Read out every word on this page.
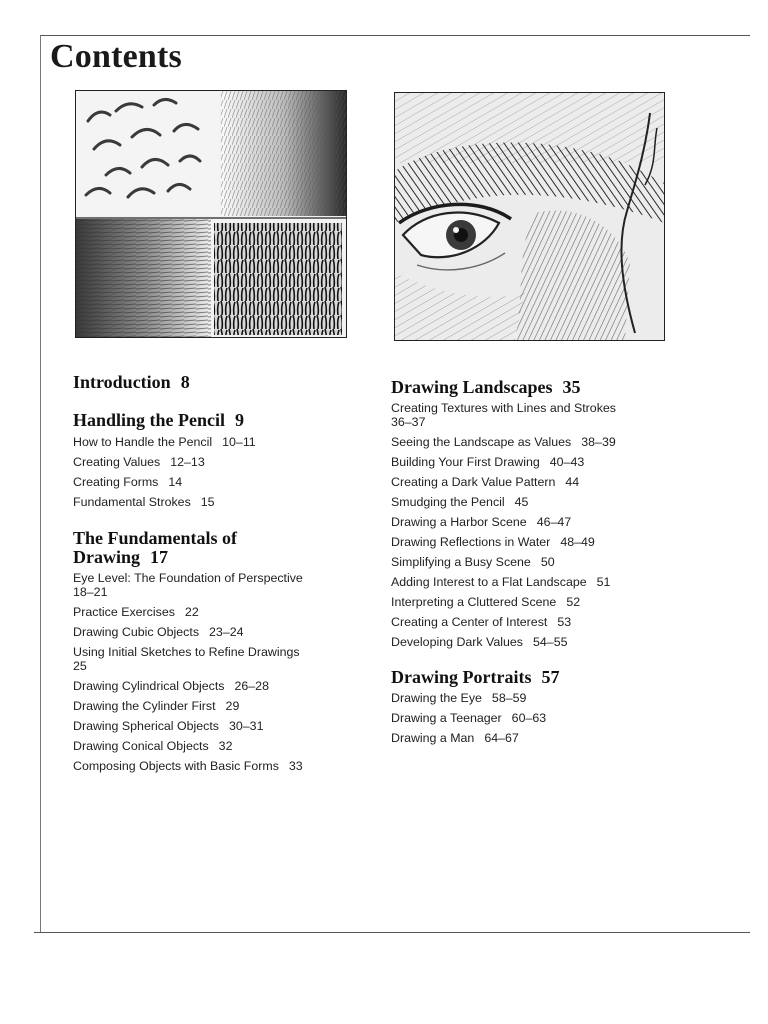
Contents
Introduction 8
Handling the Pencil 9

How to Handle the Pencil 10–11

Creating Values 12–13

Creating Forms 14

Fundamental Strokes 15

The Fundamentals of
Drawing 17

Eye Level: The Foundation of Perspective
18–21

Practice Exercises 22

Drawing Cubic Objects 23–24

Using Initial Sketches to Refine Drawings
25

Drawing Cylindrical Objects 26–28

Drawing the Cylinder First 29

Drawing Spherical Objects 30–31

Drawing Conical Objects 32

Composing Objects with Basic Forms 33

Drawing Landscapes 35

Creating Textures with Lines and Strokes
36–37

Seeing the Landscape as Values 38–39

Building Your First Drawing 40–43

Creating a Dark Value Pattern 44

Smudging the Pencil 45

Drawing a Harbor Scene 46–47

Drawing Reflections in Water 48–49

Simplifying a Busy Scene 50

Adding Interest to a Flat Landscape 51

Interpreting a Cluttered Scene 52

Creating a Center of Interest 53

Developing Dark Values 54–55

Drawing Portraits 57

Drawing the Eye 58–59

Drawing a Teenager 60–63

Drawing a Man 64–67
